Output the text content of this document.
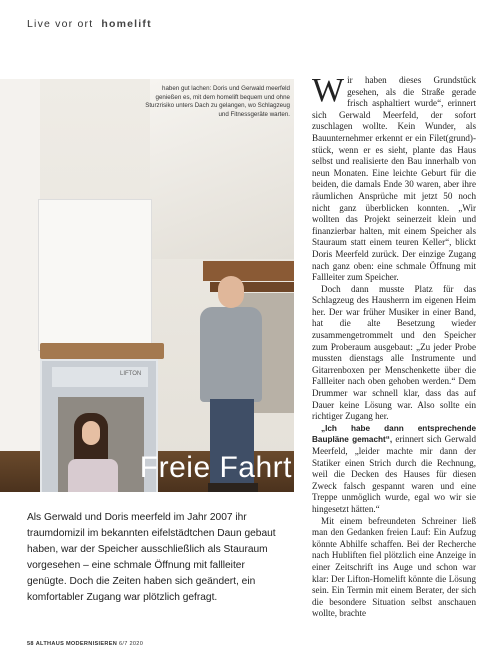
Live vor ort homelift
LIFTON
haben gut lachen: Doris und Gerwald meerfeld genießen es, mit dem homelift bequem und ohne Sturzrisiko unters Dach zu gelangen, wo Schlagzeug und Fitnessgeräte warten.
Freie Fahrt

Als Gerwald und Doris meerfeld im Jahr 2007 ihr traumdomizil im bekannten eifelstädtchen Daun gebaut haben, war der Speicher ausschließlich als Stauraum vorgesehen – eine schmale Öffnung mit fallleiter genügte. Doch die Zeiten haben sich geändert, ein komfortabler Zugang war plötzlich gefragt.

Wir haben dieses Grundstück gesehen, als die Straße gerade frisch asphaltiert wurde“, erinnert sich Gerwald Meerfeld, der sofort zuschlagen wollte. Kein Wunder, als Bauunternehmer erkennt er ein Filet(grund)-stück, wenn er es sieht, plante das Haus selbst und realisierte den Bau innerhalb von neun Monaten. Eine leichte Geburt für die beiden, die damals Ende 30 waren, aber ihre räumlichen Ansprüche mit jetzt 50 noch nicht ganz überblicken konnten. „Wir wollten das Projekt seinerzeit klein und finanzierbar halten, mit einem Speicher als Stauraum statt einem teuren Keller“, blickt Doris Meerfeld zurück. Der einzige Zugang nach ganz oben: eine schmale Öffnung mit Fallleiter zum Speicher.

Doch dann musste Platz für das Schlagzeug des Hausherrn im eigenen Heim her. Der war früher Musiker in einer Band, hat die alte Besetzung wieder zusammengetrommelt und den Speicher zum Proberaum ausgebaut: „Zu jeder Probe mussten dienstags alle Instrumente und Gitarrenboxen per Menschenkette über die Fallleiter nach oben gehoben werden.“ Dem Drummer war schnell klar, dass das auf Dauer keine Lösung war. Also sollte ein richtiger Zugang her.

„Ich habe dann entsprechende Baupläne gemacht“, erinnert sich Gerwald Meerfeld, „leider machte mir dann der Statiker einen Strich durch die Rechnung, weil die Decken des Hauses für diesen Zweck falsch gespannt waren und eine Treppe unmöglich wurde, egal wo wir sie hingesetzt hätten.“

Mit einem befreundeten Schreiner ließ man den Gedanken freien Lauf: Ein Aufzug könnte Abhilfe schaffen. Bei der Recherche nach Hubliften fiel plötzlich eine Anzeige in einer Zeitschrift ins Auge und schon war klar: Der Lifton-Homelift könnte die Lösung sein. Ein Termin mit einem Berater, der sich die besondere Situation selbst anschauen wollte, brachte

58 ALTHAUS MODERNISIEREN 6/7 2020
